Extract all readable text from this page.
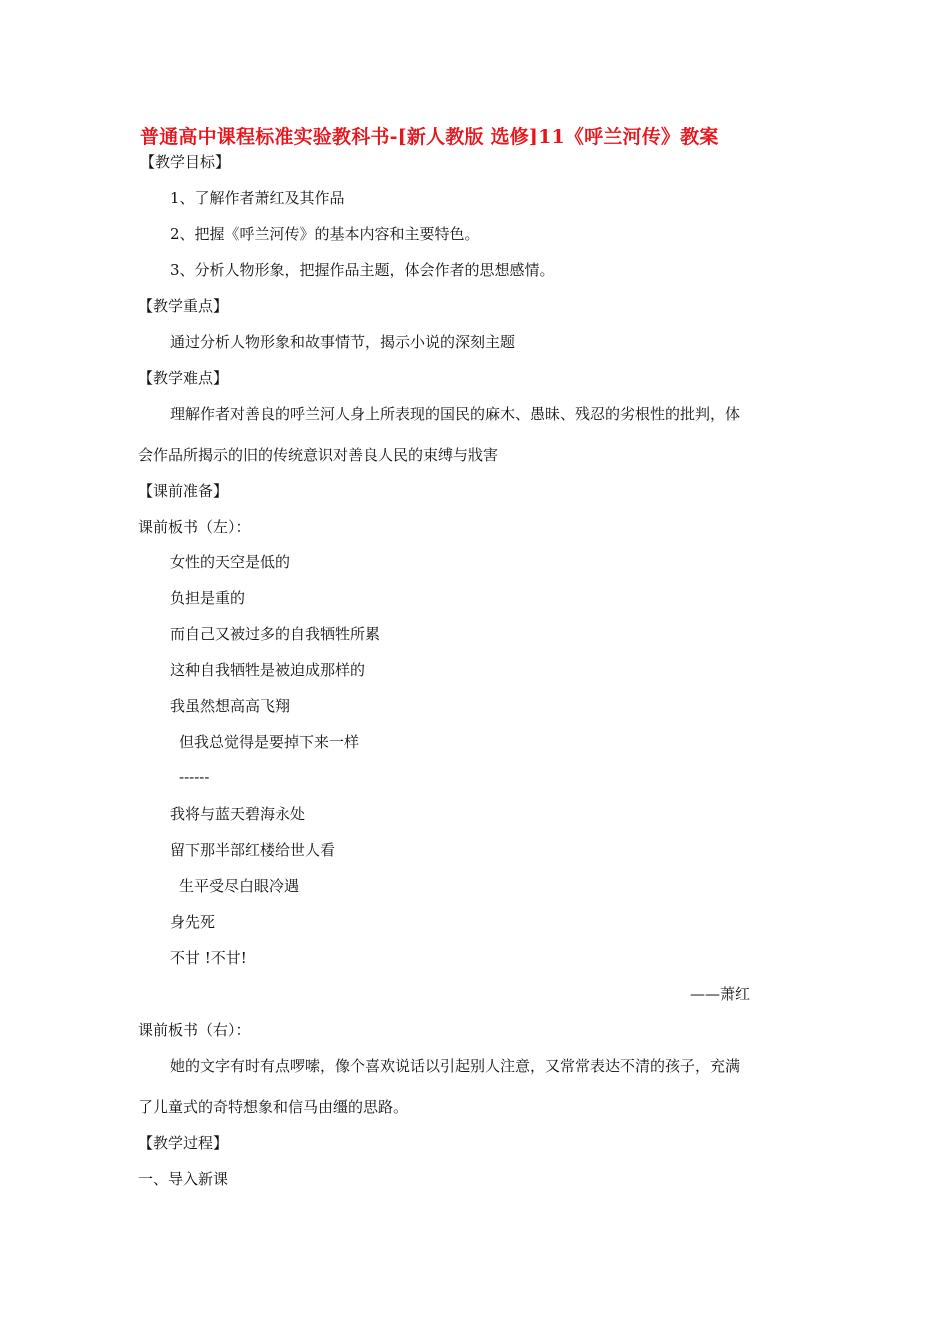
普通高中课程标准实验教科书-[新人教版 选修]11《呼兰河传》教案
【教学目标】
1、了解作者萧红及其作品
2、把握《呼兰河传》的基本内容和主要特色。
3、分析人物形象，把握作品主题，体会作者的思想感情。
【教学重点】
通过分析人物形象和故事情节，揭示小说的深刻主题
【教学难点】
理解作者对善良的呼兰河人身上所表现的国民的麻木、愚昧、残忍的劣根性的批判，体
会作品所揭示的旧的传统意识对善良人民的束缚与戕害
【课前准备】
课前板书（左）：
女性的天空是低的
负担是重的
而自己又被过多的自我牺牲所累
这种自我牺牲是被迫成那样的
我虽然想高高飞翔
但我总觉得是要掉下来一样
------
我将与蓝天碧海永处
留下那半部红楼给世人看
生平受尽白眼冷遇
身先死
不甘 !不甘!
——萧红
课前板书（右）：
她的文字有时有点啰嗦，像个喜欢说话以引起别人注意，又常常表达不清的孩子，充满
了儿童式的奇特想象和信马由缰的思路。
【教学过程】
一、导入新课
